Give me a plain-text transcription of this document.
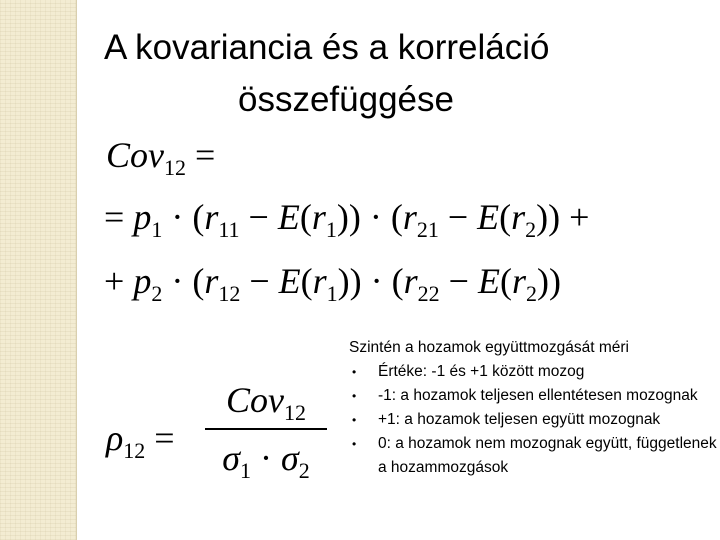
A kovariancia és a korreláció
összefüggése
Cov$_{12}$ =
= $p_1 \cdot (r_{11} - E(r_1)) \cdot (r_{21} - E(r_2))$ +
+ $p_2 \cdot (r_{12} - E(r_1)) \cdot (r_{22} - E(r_2))$
$\rho_{12}$ =
Cov$_{12}$
$\sigma_1 \cdot \sigma_2$
Szintén a hozamok együttmozgását méri
• Értéke: -1 és +1 között mozog
• -1: a hozamok teljesen ellentétesen mozognak
• +1: a hozamok teljesen együtt mozognak
• 0: a hozamok nem mozognak együtt, függetlenek a hozammozgások
